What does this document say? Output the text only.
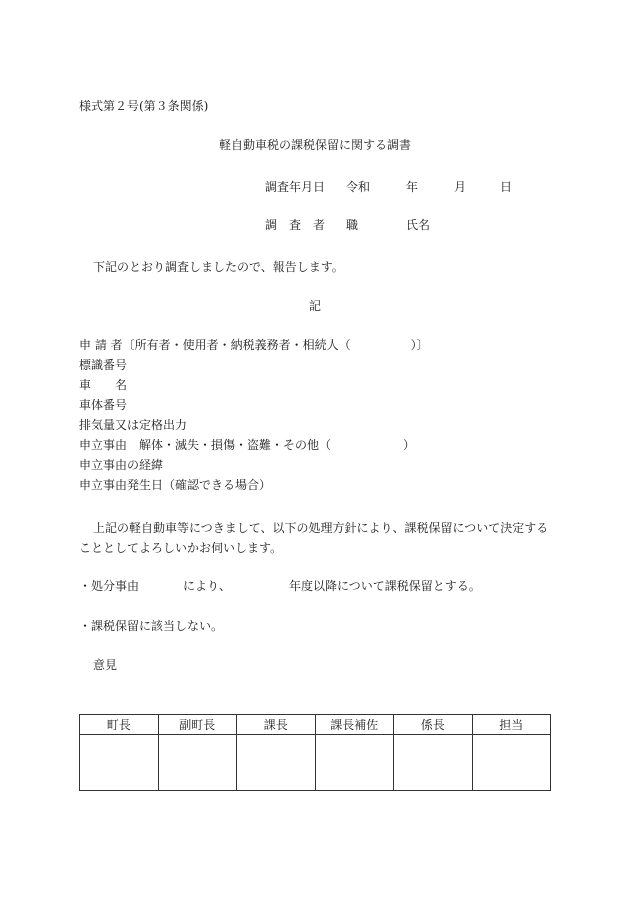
様式第２号(第３条関係)
軽自動車税の課税保留に関する調書
調査年月日 令和	年	月	日
調　査　者 職	氏名
下記のとおり調査しましたので、報告します。
記
申 請 者〔所有者・使用者・納税義務者・相続人（　　　　　）〕
標識番号
車　　名
車体番号
排気量又は定格出力
申立事由　解体・滅失・損傷・盗難・その他（　　　　　　）
申立事由の経緯
申立事由発生日（確認できる場合）
上記の軽自動車等につきまして、以下の処理方針により、課税保留について決定することとしてよろしいかお伺いします。
・処分事由	により、	年度以降について課税保留とする。
・課税保留に該当しない。
意見
町長	副町長	課長	課長補佐	係長	担当
